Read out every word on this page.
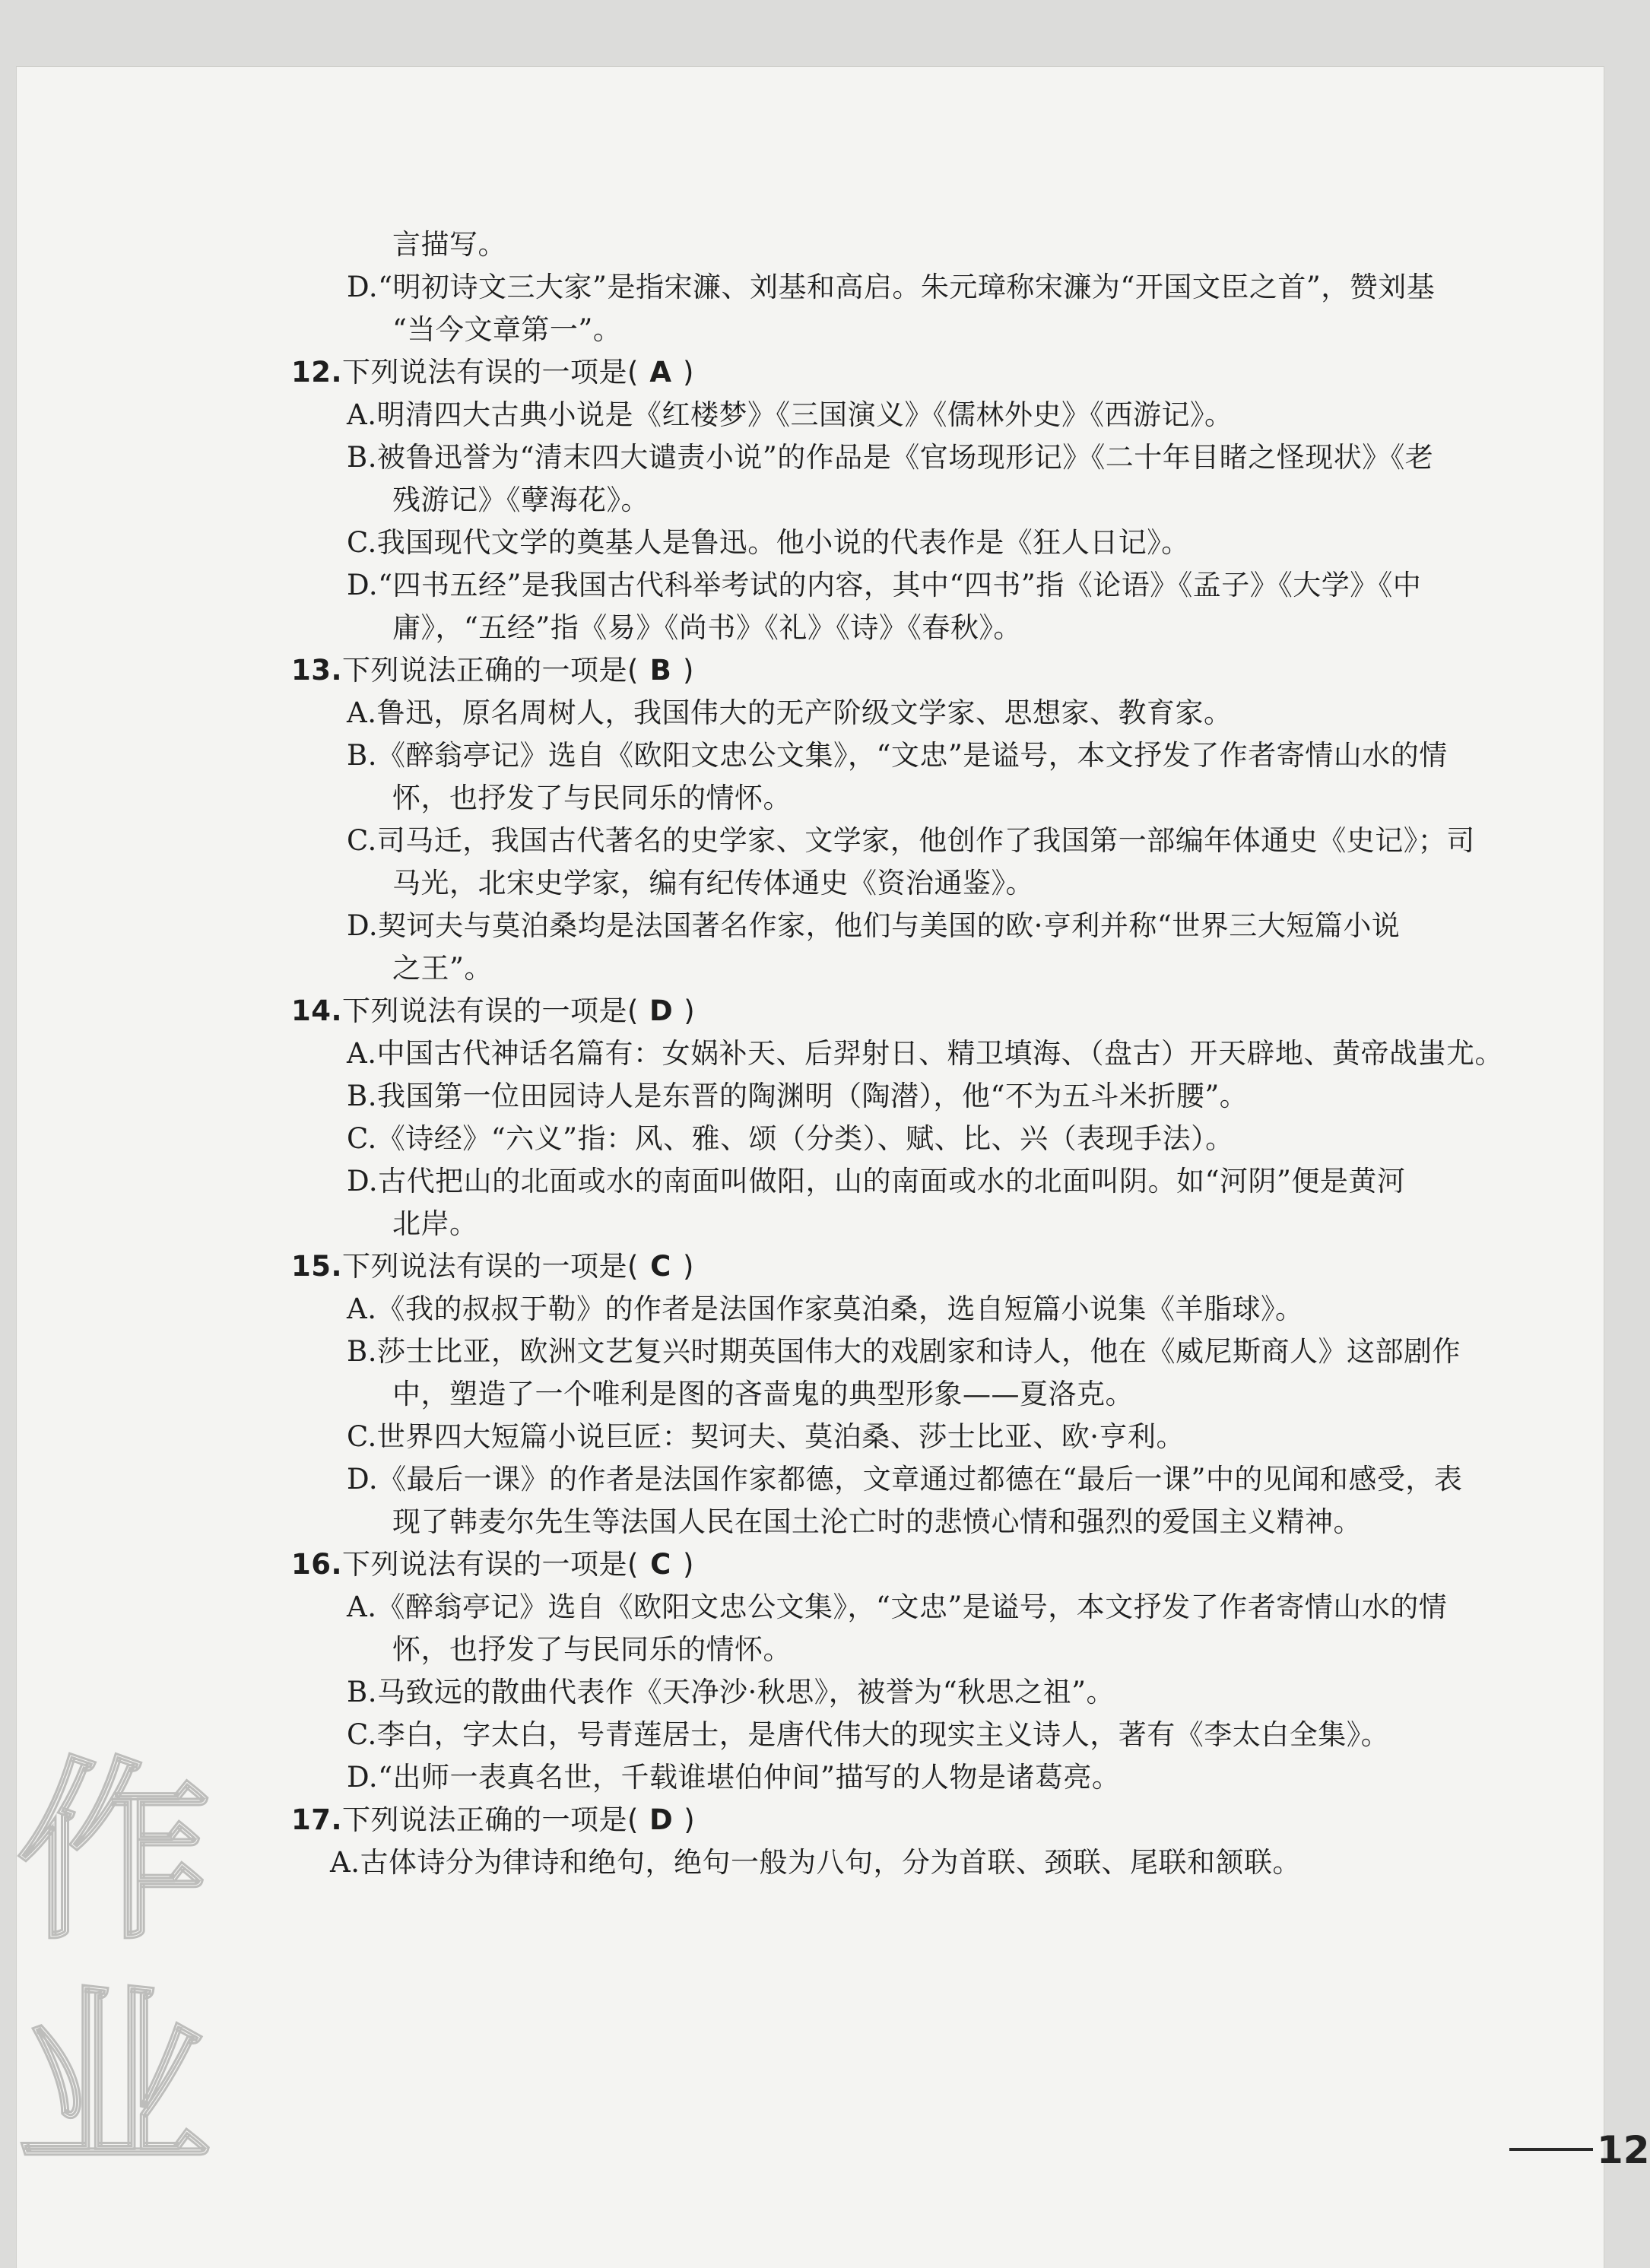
言描写。
D.“明初诗文三大家”是指宋濂、刘基和高启。朱元璋称宋濂为“开国文臣之首”，赞刘基
“当今文章第一”。
12.下列说法有误的一项是( A )
A.明清四大古典小说是《红楼梦》《三国演义》《儒林外史》《西游记》。
B.被鲁迅誉为“清末四大谴责小说”的作品是《官场现形记》《二十年目睹之怪现状》《老
残游记》《孽海花》。
C.我国现代文学的奠基人是鲁迅。他小说的代表作是《狂人日记》。
D.“四书五经”是我国古代科举考试的内容，其中“四书”指《论语》《孟子》《大学》《中
庸》，“五经”指《易》《尚书》《礼》《诗》《春秋》。
13.下列说法正确的一项是( B )
A.鲁迅，原名周树人，我国伟大的无产阶级文学家、思想家、教育家。
B.《醉翁亭记》选自《欧阳文忠公文集》，“文忠”是谥号，本文抒发了作者寄情山水的情
怀，也抒发了与民同乐的情怀。
C.司马迁，我国古代著名的史学家、文学家，他创作了我国第一部编年体通史《史记》；司
马光，北宋史学家，编有纪传体通史《资治通鉴》。
D.契诃夫与莫泊桑均是法国著名作家，他们与美国的欧·亨利并称“世界三大短篇小说
之王”。
14.下列说法有误的一项是( D )
A.中国古代神话名篇有：女娲补天、后羿射日、精卫填海、（盘古）开天辟地、黄帝战蚩尤。
B.我国第一位田园诗人是东晋的陶渊明（陶潜），他“不为五斗米折腰”。
C.《诗经》“六义”指：风、雅、颂（分类）、赋、比、兴（表现手法）。
D.古代把山的北面或水的南面叫做阳，山的南面或水的北面叫阴。如“河阴”便是黄河
北岸。
15.下列说法有误的一项是( C )
A.《我的叔叔于勒》的作者是法国作家莫泊桑，选自短篇小说集《羊脂球》。
B.莎士比亚，欧洲文艺复兴时期英国伟大的戏剧家和诗人，他在《威尼斯商人》这部剧作
中，塑造了一个唯利是图的吝啬鬼的典型形象——夏洛克。
C.世界四大短篇小说巨匠：契诃夫、莫泊桑、莎士比亚、欧·亨利。
D.《最后一课》的作者是法国作家都德，文章通过都德在“最后一课”中的见闻和感受，表
现了韩麦尔先生等法国人民在国土沦亡时的悲愤心情和强烈的爱国主义精神。
16.下列说法有误的一项是( C )
A.《醉翁亭记》选自《欧阳文忠公文集》，“文忠”是谥号，本文抒发了作者寄情山水的情
怀，也抒发了与民同乐的情怀。
B.马致远的散曲代表作《天净沙·秋思》，被誉为“秋思之祖”。
C.李白，字太白，号青莲居士，是唐代伟大的现实主义诗人，著有《李太白全集》。
D.“出师一表真名世，千载谁堪伯仲间”描写的人物是诸葛亮。
17.下列说法正确的一项是( D )
A.古体诗分为律诗和绝句，绝句一般为八句，分为首联、颈联、尾联和颔联。
作业	12
